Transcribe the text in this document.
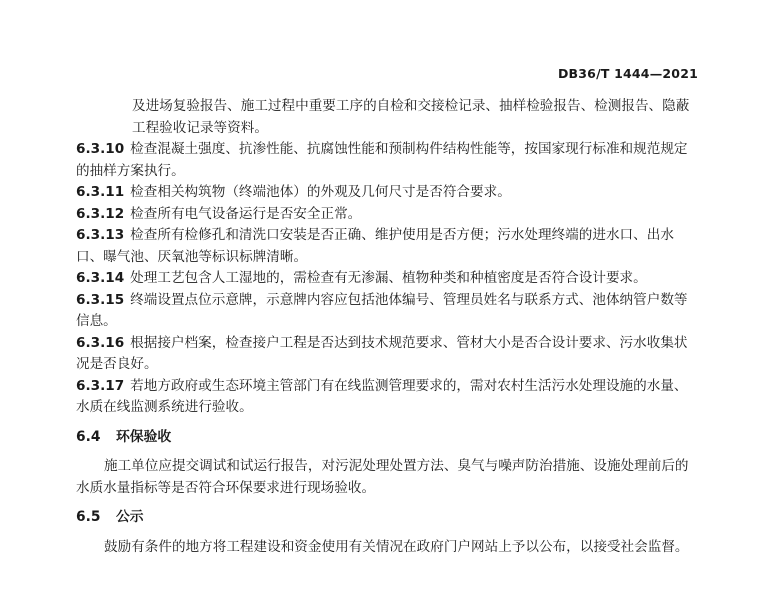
DB36/T 1444—2021

及进场复验报告、施工过程中重要工序的自检和交接检记录、抽样检验报告、检测报告、隐蔽工程验收记录等资料。

6.3.10 检查混凝土强度、抗渗性能、抗腐蚀性能和预制构件结构性能等，按国家现行标准和规范规定的抽样方案执行。

6.3.11 检查相关构筑物（终端池体）的外观及几何尺寸是否符合要求。

6.3.12 检查所有电气设备运行是否安全正常。

6.3.13 检查所有检修孔和清洗口安装是否正确、维护使用是否方便；污水处理终端的进水口、出水口、曝气池、厌氧池等标识标牌清晰。

6.3.14 处理工艺包含人工湿地的，需检查有无渗漏、植物种类和种植密度是否符合设计要求。

6.3.15 终端设置点位示意牌，示意牌内容应包括池体编号、管理员姓名与联系方式、池体纳管户数等信息。

6.3.16 根据接户档案，检查接户工程是否达到技术规范要求、管材大小是否合设计要求、污水收集状况是否良好。

6.3.17 若地方政府或生态环境主管部门有在线监测管理要求的，需对农村生活污水处理设施的水量、水质在线监测系统进行验收。

6.4 环保验收

施工单位应提交调试和试运行报告，对污泥处理处置方法、臭气与噪声防治措施、设施处理前后的水质水量指标等是否符合环保要求进行现场验收。

6.5 公示

鼓励有条件的地方将工程建设和资金使用有关情况在政府门户网站上予以公布，以接受社会监督。
